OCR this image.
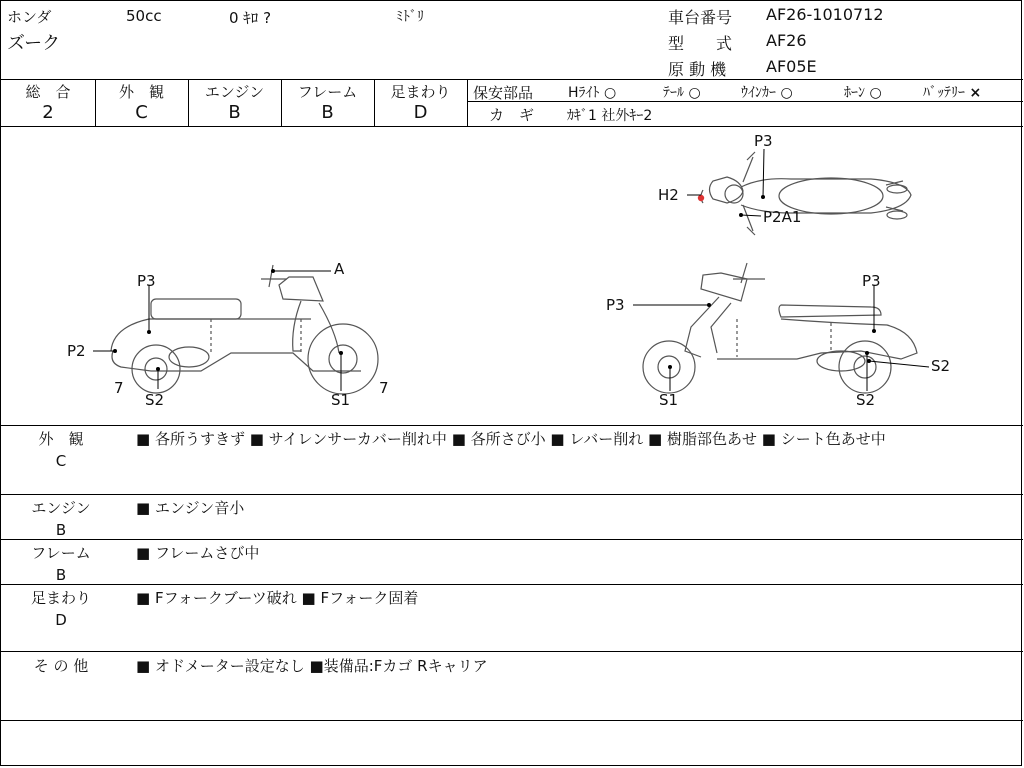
ホンダ	50cc	0 ｷﾛ ?	ﾐﾄﾞﾘ
ズーク
車台番号 AF26-1010712
型　　式 AF26
原 動 機 AF05E
総　合
2
外　観
C
エンジン
B
フレーム
B
足まわり
D
保安部品 Hﾗｲﾄ ○	ﾃｰﾙ ○	ｳｲﾝｶｰ ○	ﾎｰﾝ ○	ﾊﾞｯﾃﾘｰ ×
カ　ギ ｶｷﾞ1 社外ｷｰ2
P3
H2
P2A1
A
P3
P2
7
S2	S1
7
P3
P3
S2
S1	S2
外　観
C
■ 各所うすきず ■ サイレンサーカバー削れ中 ■ 各所さび小 ■ レバー削れ ■ 樹脂部色あせ ■ シート色あせ中
エンジン
B
■ エンジン音小
フレーム
B
■ フレームさび中
足まわり
D
■ Fフォークブーツ破れ ■ Fフォーク固着
そ の 他	■ オドメーター設定なし ■装備品:Fカゴ Rキャリア
